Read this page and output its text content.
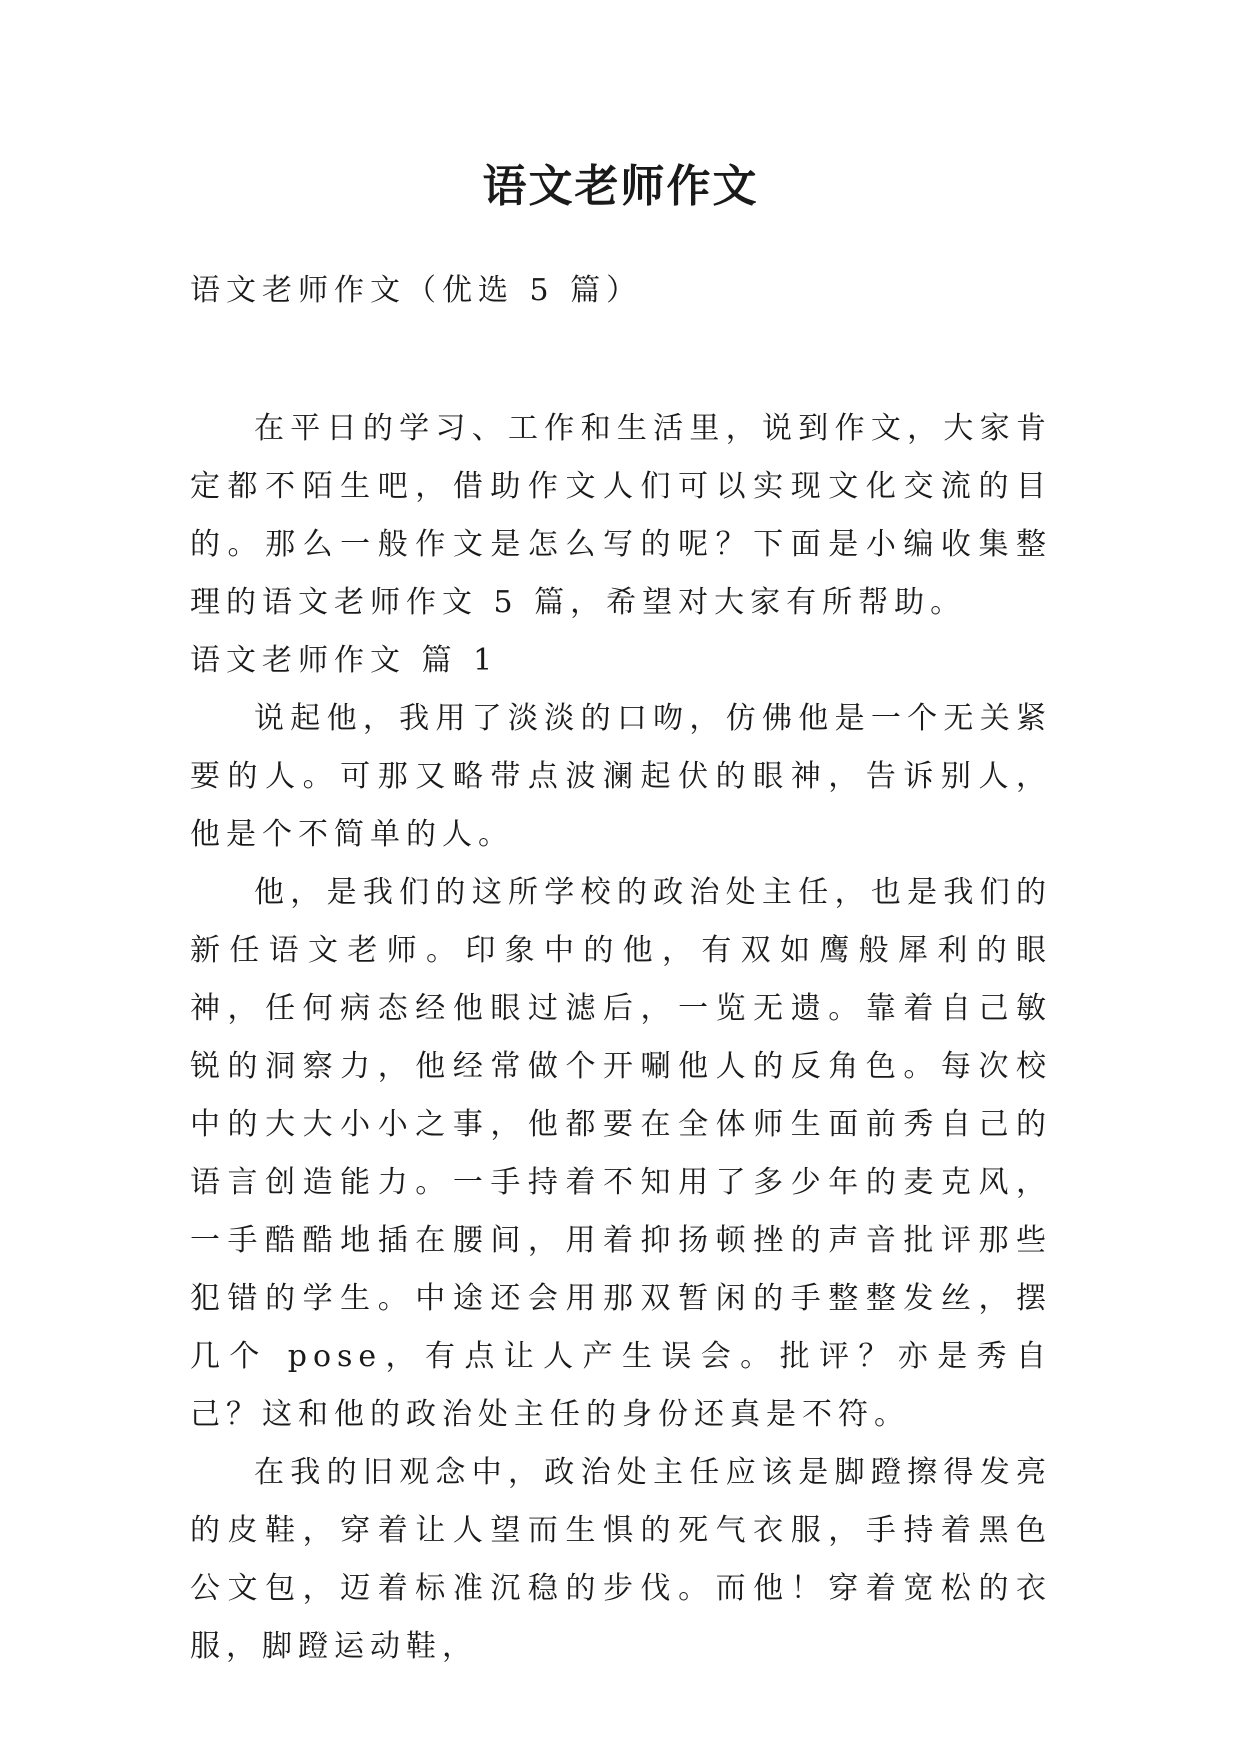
语文老师作文
语文老师作文（优选 5 篇）

在平日的学习、工作和生活里，说到作文，大家肯定都不陌生吧，借助作文人们可以实现文化交流的目的。那么一般作文是怎么写的呢？下面是小编收集整理的语文老师作文 5 篇，希望对大家有所帮助。

语文老师作文 篇 1

说起他，我用了淡淡的口吻，仿佛他是一个无关紧要的人。可那又略带点波澜起伏的眼神，告诉别人，他是个不简单的人。

他，是我们的这所学校的政治处主任，也是我们的新任语文老师。印象中的他，有双如鹰般犀利的眼神，任何病态经他眼过滤后，一览无遗。靠着自己敏锐的洞察力，他经常做个开唰他人的反角色。每次校中的大大小小之事，他都要在全体师生面前秀自己的语言创造能力。一手持着不知用了多少年的麦克风，一手酷酷地插在腰间，用着抑扬顿挫的声音批评那些犯错的学生。中途还会用那双暂闲的手整整发丝，摆几个 pose，有点让人产生误会。批评？亦是秀自己？这和他的政治处主任的身份还真是不符。

在我的旧观念中，政治处主任应该是脚蹬擦得发亮的皮鞋，穿着让人望而生惧的死气衣服，手持着黑色公文包，迈着标准沉稳的步伐。而他！穿着宽松的衣服，脚蹬运动鞋，
